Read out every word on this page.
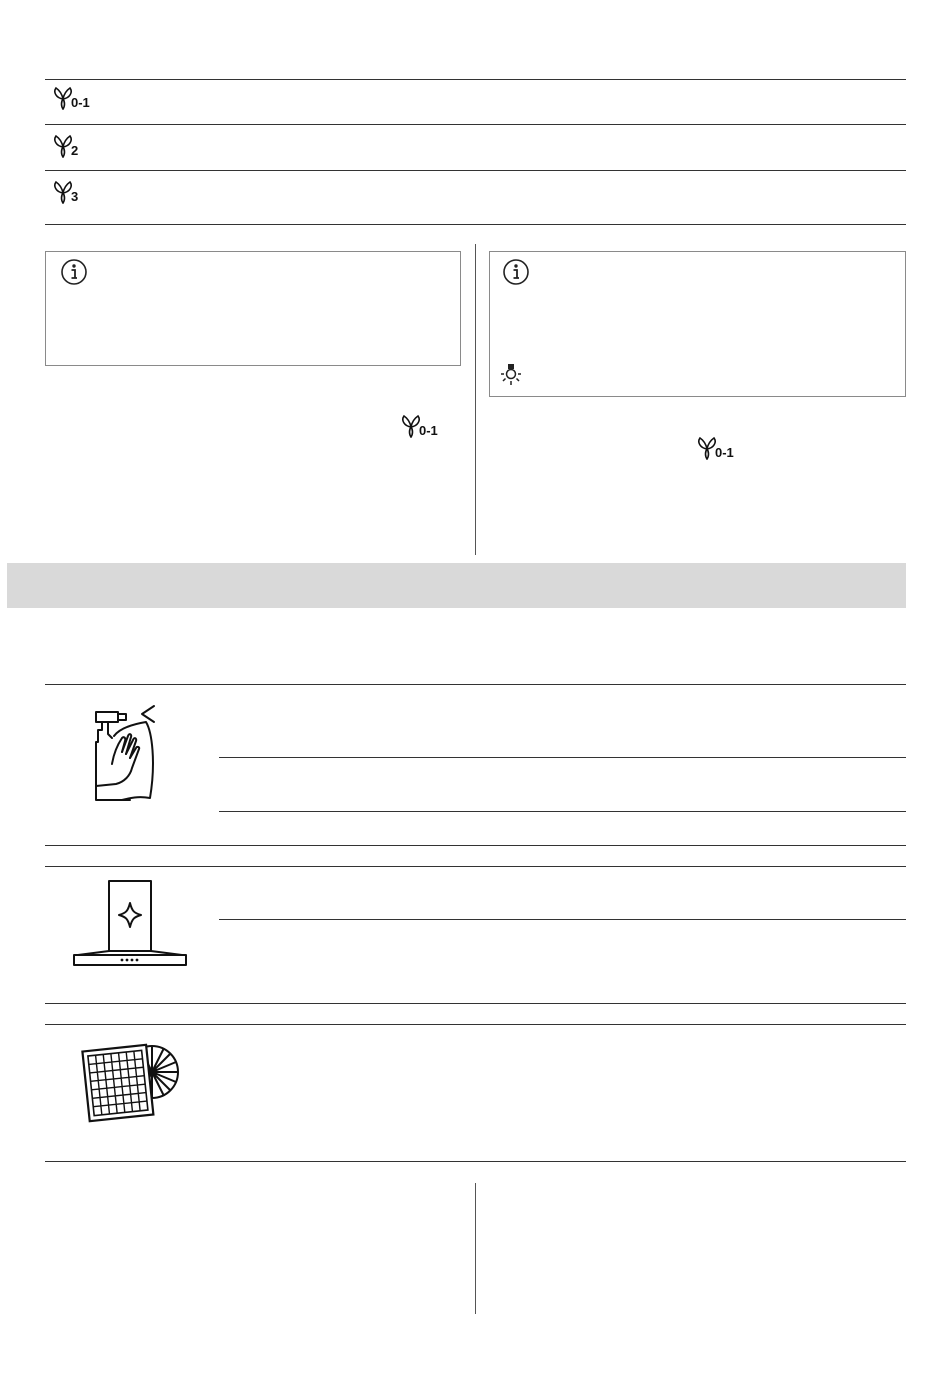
0-1
2
3
0-1
0-1
